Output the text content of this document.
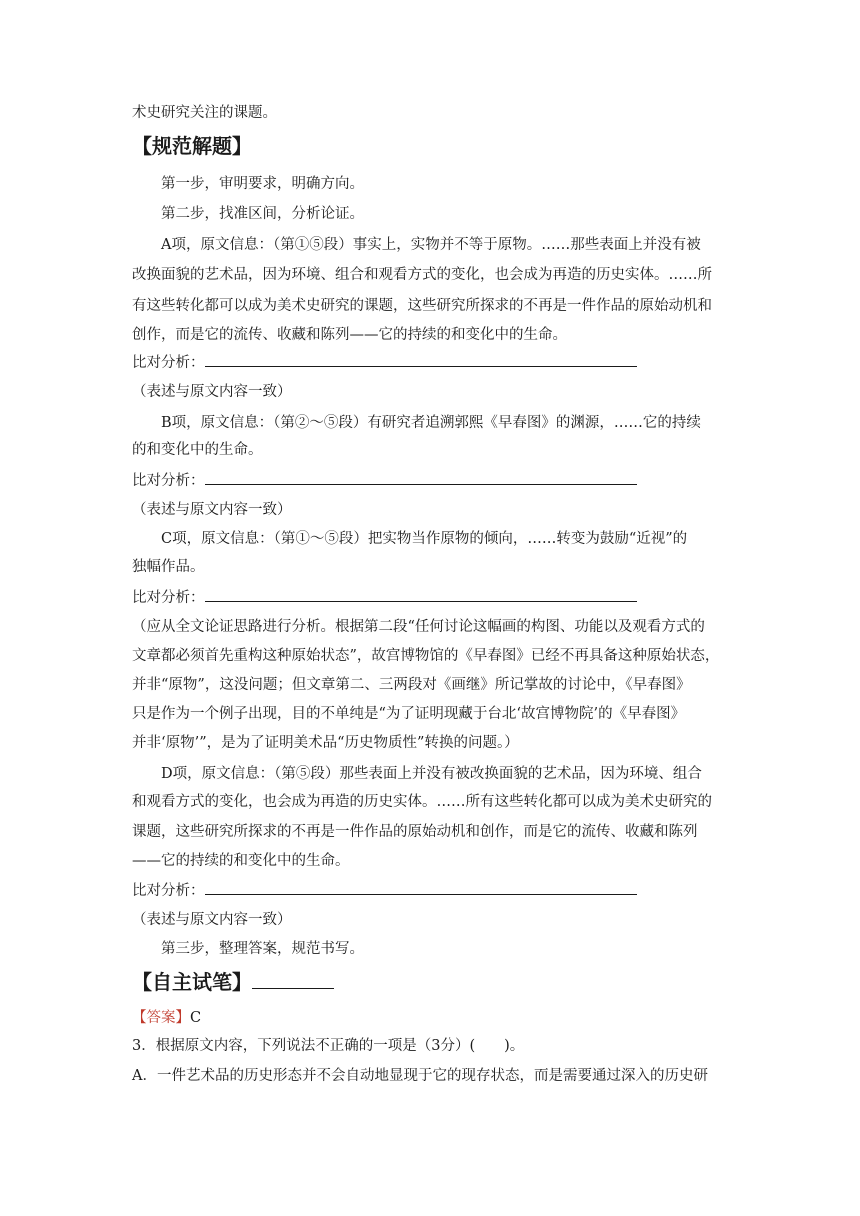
术史研究关注的课题。
【规范解题】
第一步，审明要求，明确方向。
第二步，找准区间，分析论证。
A项，原文信息：（第①⑤段）事实上，实物并不等于原物。……那些表面上并没有被
改换面貌的艺术品，因为环境、组合和观看方式的变化，也会成为再造的历史实体。……所
有这些转化都可以成为美术史研究的课题，这些研究所探求的不再是一件作品的原始动机和
创作，而是它的流传、收藏和陈列——它的持续的和变化中的生命。
比对分析：
（表述与原文内容一致）
B项，原文信息：（第②～⑤段）有研究者追溯郭熙《早春图》的渊源，……它的持续
的和变化中的生命。
比对分析：
（表述与原文内容一致）
C项，原文信息：（第①～⑤段）把实物当作原物的倾向，……转变为鼓励“近视”的
独幅作品。
比对分析：
（应从全文论证思路进行分析。根据第二段“任何讨论这幅画的构图、功能以及观看方式的
文章都必须首先重构这种原始状态”，故宫博物馆的《早春图》已经不再具备这种原始状态，
并非“原物”，这没问题；但文章第二、三两段对《画继》所记掌故的讨论中，《早春图》
只是作为一个例子出现，目的不单纯是“为了证明现藏于台北‘故宫博物院’的《早春图》
并非‘原物’”，是为了证明美术品“历史物质性”转换的问题。）
D项，原文信息：（第⑤段）那些表面上并没有被改换面貌的艺术品，因为环境、组合
和观看方式的变化，也会成为再造的历史实体。……所有这些转化都可以成为美术史研究的
课题，这些研究所探求的不再是一件作品的原始动机和创作，而是它的流传、收藏和陈列
——它的持续的和变化中的生命。
比对分析：
（表述与原文内容一致）
第三步，整理答案，规范书写。
【自主试笔】
【答案】C
3．根据原文内容，下列说法不正确的一项是（3分）(　　)。
A．一件艺术品的历史形态并不会自动地显现于它的现存状态，而是需要通过深入的历史研
